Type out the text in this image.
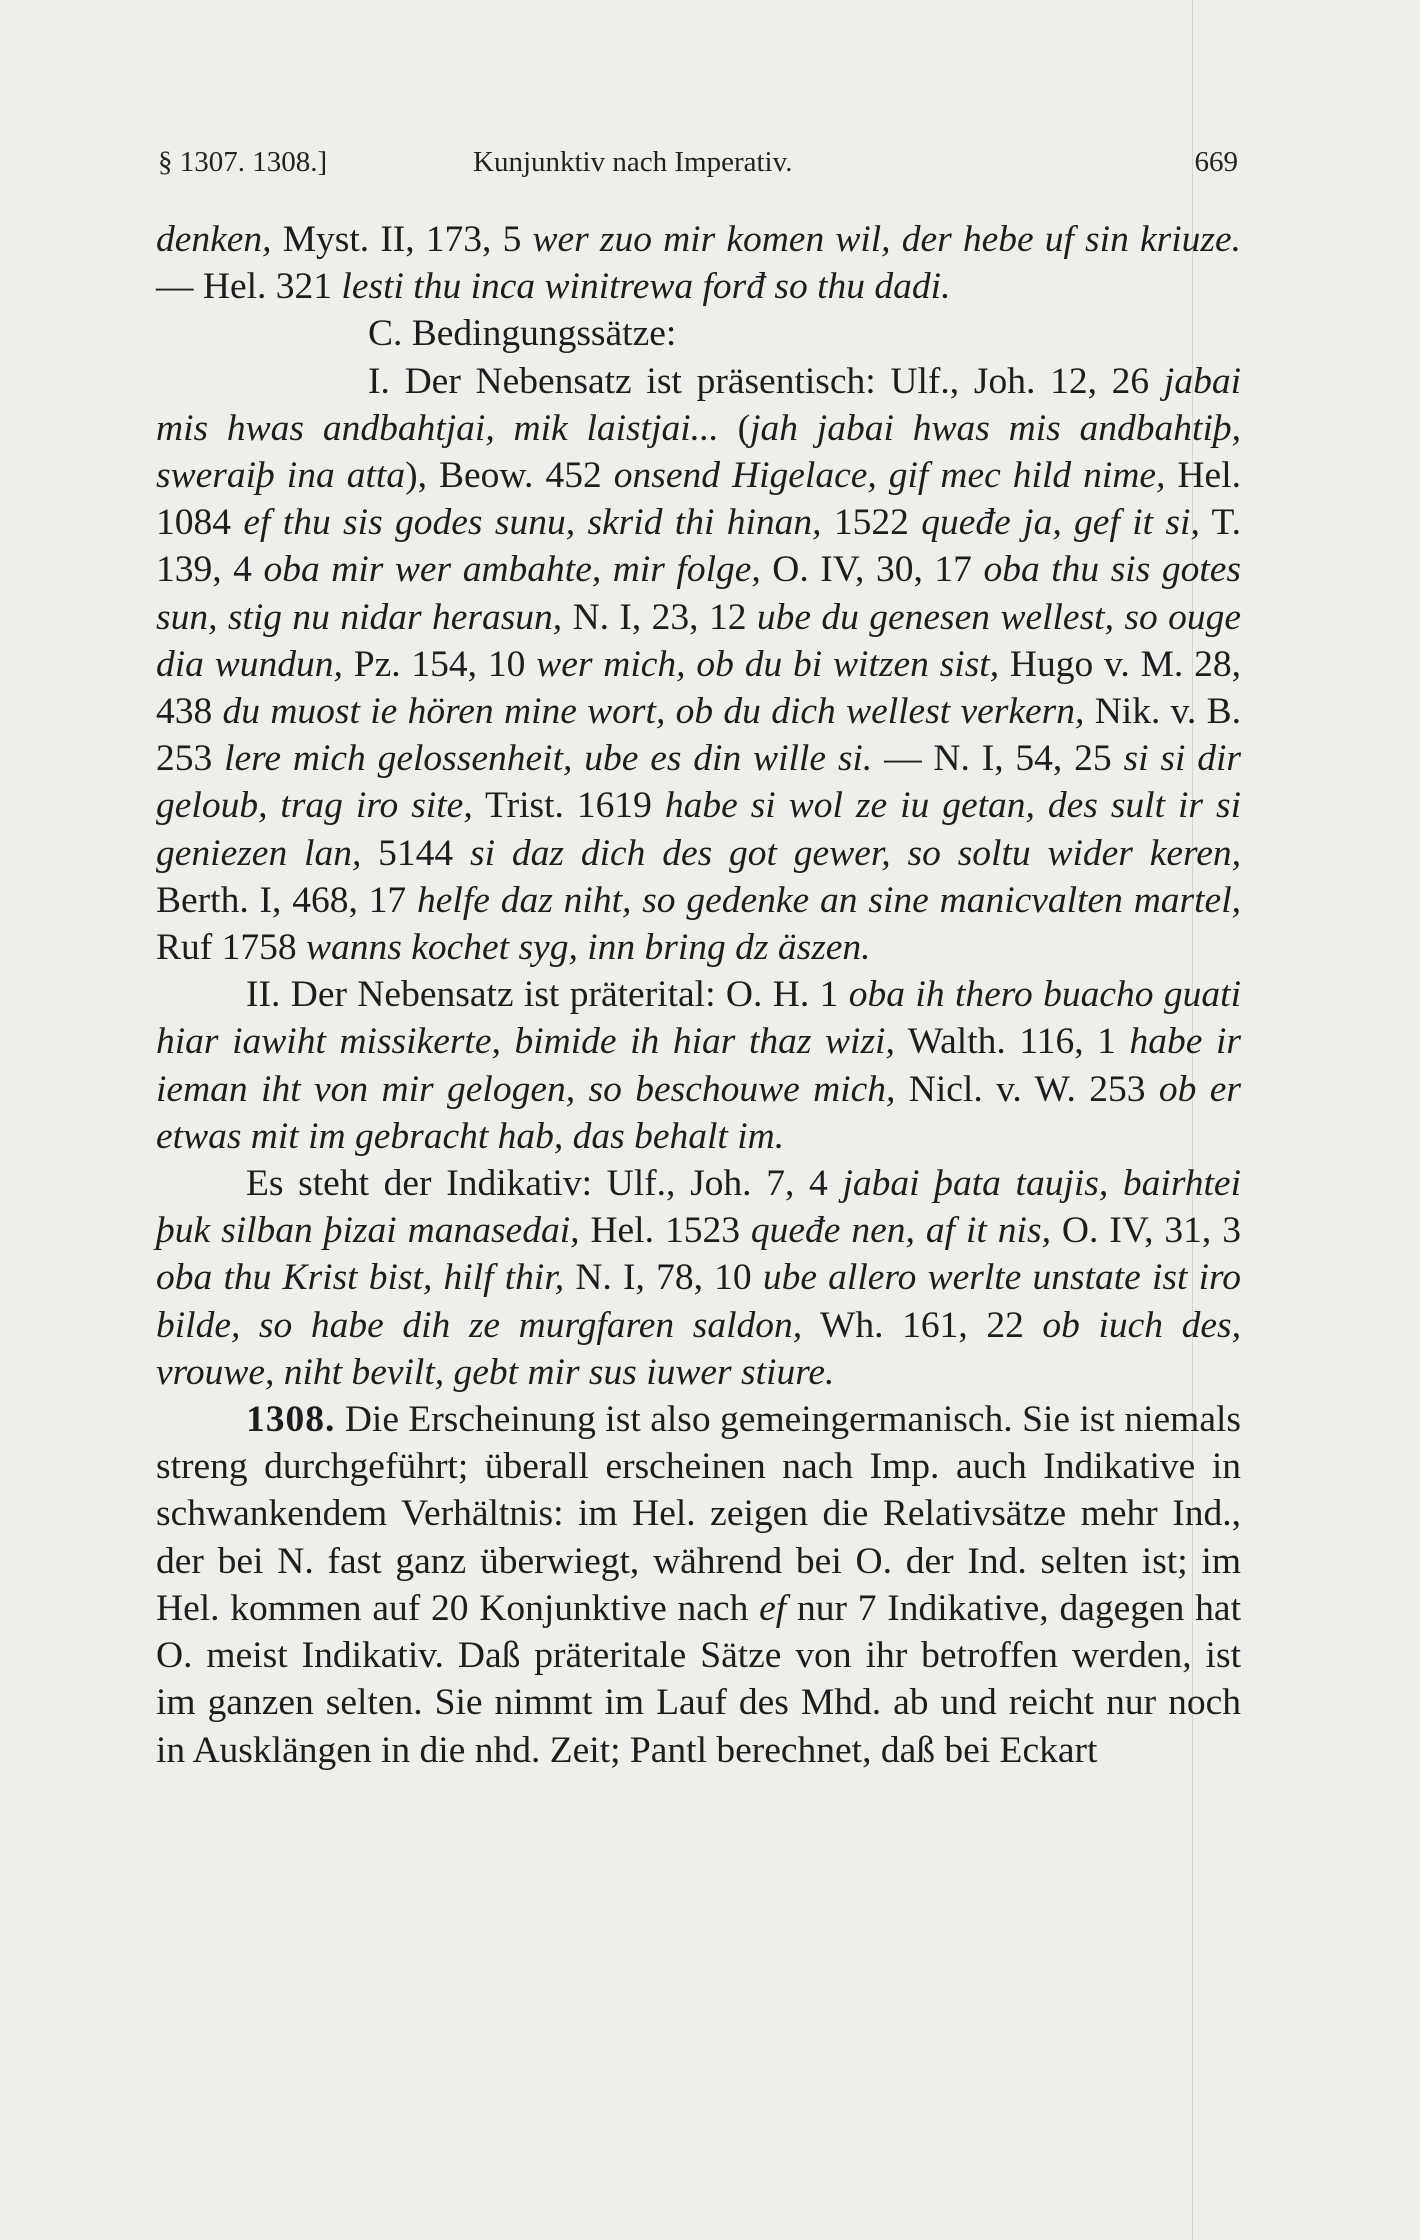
§ 1307. 1308.]	Kunjunktiv nach Imperativ.	669

denken, Myst. II, 173, 5 wer zuo mir komen wil, der hebe uf sin kriuze. — Hel. 321 lesti thu inca winitrewa forđ so thu dadi.

C. Bedingungssätze:

I. Der Nebensatz ist präsentisch: Ulf., Joh. 12, 26 jabai mis hwas andbahtjai, mik laistjai... (jah jabai hwas mis andbahtiþ, sweraiþ ina atta), Beow. 452 onsend Higelace, gif mec hild nime, Hel. 1084 ef thu sis godes sunu, skrid thi hinan, 1522 queđe ja, gef it si, T. 139, 4 oba mir wer ambahte, mir folge, O. IV, 30, 17 oba thu sis gotes sun, stig nu nidar herasun, N. I, 23, 12 ube du genesen wellest, so ouge dia wundun, Pz. 154, 10 wer mich, ob du bi witzen sist, Hugo v. M. 28, 438 du muost ie hören mine wort, ob du dich wellest verkern, Nik. v. B. 253 lere mich gelossenheit, ube es din wille si. — N. I, 54, 25 si si dir geloub, trag iro site, Trist. 1619 habe si wol ze iu getan, des sult ir si geniezen lan, 5144 si daz dich des got gewer, so soltu wider keren, Berth. I, 468, 17 helfe daz niht, so gedenke an sine manicvalten martel, Ruf 1758 wanns kochet syg, inn bring dz äszen.

II. Der Nebensatz ist präterital: O. H. 1 oba ih thero buacho guati hiar iawiht missikerte, bimide ih hiar thaz wizi, Walth. 116, 1 habe ir ieman iht von mir gelogen, so beschouwe mich, Nicl. v. W. 253 ob er etwas mit im gebracht hab, das behalt im.

Es steht der Indikativ: Ulf., Joh. 7, 4 jabai þata taujis, bairhtei þuk silban þizai manasedai, Hel. 1523 queđe nen, af it nis, O. IV, 31, 3 oba thu Krist bist, hilf thir, N. I, 78, 10 ube allero werlte unstate ist iro bilde, so habe dih ze murgfaren saldon, Wh. 161, 22 ob iuch des, vrouwe, niht bevilt, gebt mir sus iuwer stiure.

1308. Die Erscheinung ist also gemeingermanisch. Sie ist niemals streng durchgeführt; überall erscheinen nach Imp. auch Indikative in schwankendem Verhältnis: im Hel. zeigen die Relativsätze mehr Ind., der bei N. fast ganz überwiegt, während bei O. der Ind. selten ist; im Hel. kommen auf 20 Konjunktive nach ef nur 7 Indikative, dagegen hat O. meist Indikativ. Daß präteritale Sätze von ihr betroffen werden, ist im ganzen selten. Sie nimmt im Lauf des Mhd. ab und reicht nur noch in Ausklängen in die nhd. Zeit; Pantl berechnet, daß bei Eckart
